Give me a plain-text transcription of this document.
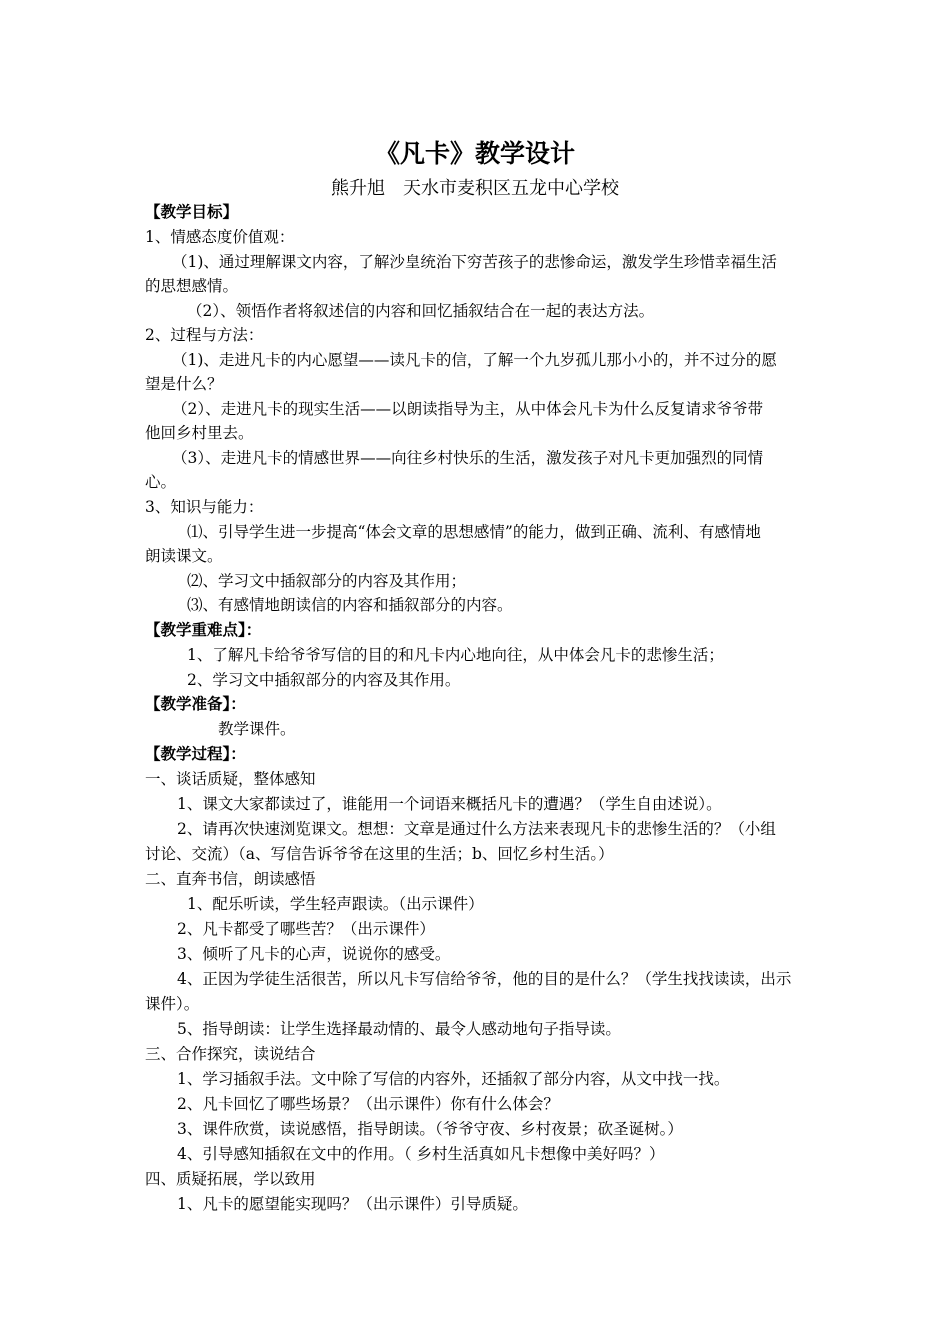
《凡卡》教学设计
熊升旭　天水市麦积区五龙中心学校
【教学目标】
1、情感态度价值观：
（1)、通过理解课文内容，了解沙皇统治下穷苦孩子的悲惨命运，激发学生珍惜幸福生活
的思想感情。
（2）、领悟作者将叙述信的内容和回忆插叙结合在一起的表达方法。
2、过程与方法：
（1)、走进凡卡的内心愿望——读凡卡的信，了解一个九岁孤儿那小小的，并不过分的愿
望是什么？
（2）、走进凡卡的现实生活——以朗读指导为主，从中体会凡卡为什么反复请求爷爷带
他回乡村里去。
（3）、走进凡卡的情感世界——向往乡村快乐的生活，激发孩子对凡卡更加强烈的同情
心。
3、知识与能力：
⑴、引导学生进一步提高“体会文章的思想感情”的能力，做到正确、流利、有感情地
朗读课文。
⑵、学习文中插叙部分的内容及其作用；
⑶、有感情地朗读信的内容和插叙部分的内容。
【教学重难点】：
1、了解凡卡给爷爷写信的目的和凡卡内心地向往，从中体会凡卡的悲惨生活；
2、学习文中插叙部分的内容及其作用。
【教学准备】：
教学课件。
【教学过程】：
一、谈话质疑，整体感知
1、课文大家都读过了，谁能用一个词语来概括凡卡的遭遇？（学生自由述说）。
2、请再次快速浏览课文。想想：文章是通过什么方法来表现凡卡的悲惨生活的？（小组
讨论、交流）（a、写信告诉爷爷在这里的生活；b、回忆乡村生活。）
二、直奔书信，朗读感悟
1、配乐听读，学生轻声跟读。（出示课件）
2、凡卡都受了哪些苦？（出示课件）
3、倾听了凡卡的心声，说说你的感受。
4、正因为学徒生活很苦，所以凡卡写信给爷爷，他的目的是什么？（学生找找读读，出示
课件）。
5、指导朗读：让学生选择最动情的、最令人感动地句子指导读。
三、合作探究，读说结合
1、学习插叙手法。文中除了写信的内容外，还插叙了部分内容，从文中找一找。
2、凡卡回忆了哪些场景？（出示课件）你有什么体会？
3、课件欣赏，读说感悟，指导朗读。（爷爷守夜、乡村夜景；砍圣诞树。）
4、引导感知插叙在文中的作用。（ 乡村生活真如凡卡想像中美好吗？）
四、质疑拓展，学以致用
1、凡卡的愿望能实现吗？（出示课件）引导质疑。
